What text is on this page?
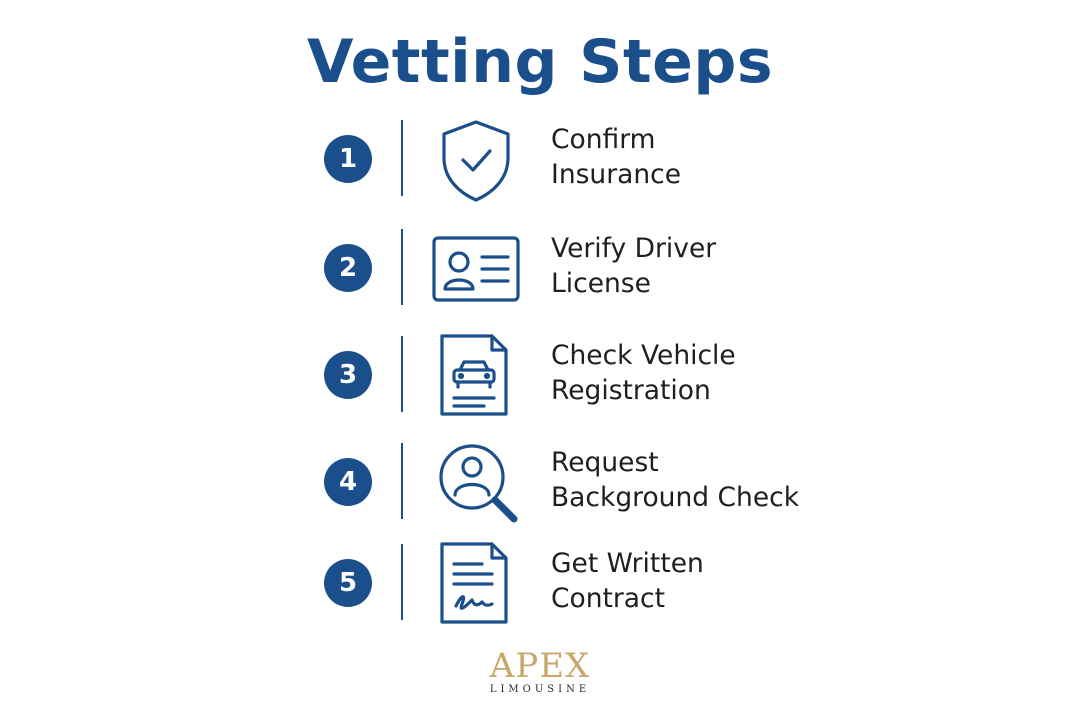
Vetting Steps
1
Confirm
Insurance
2
Verify Driver
License
3
Check Vehicle
Registration
4
Request
Background Check
5
Get Written
Contract
APEX
LIMOUSINE
